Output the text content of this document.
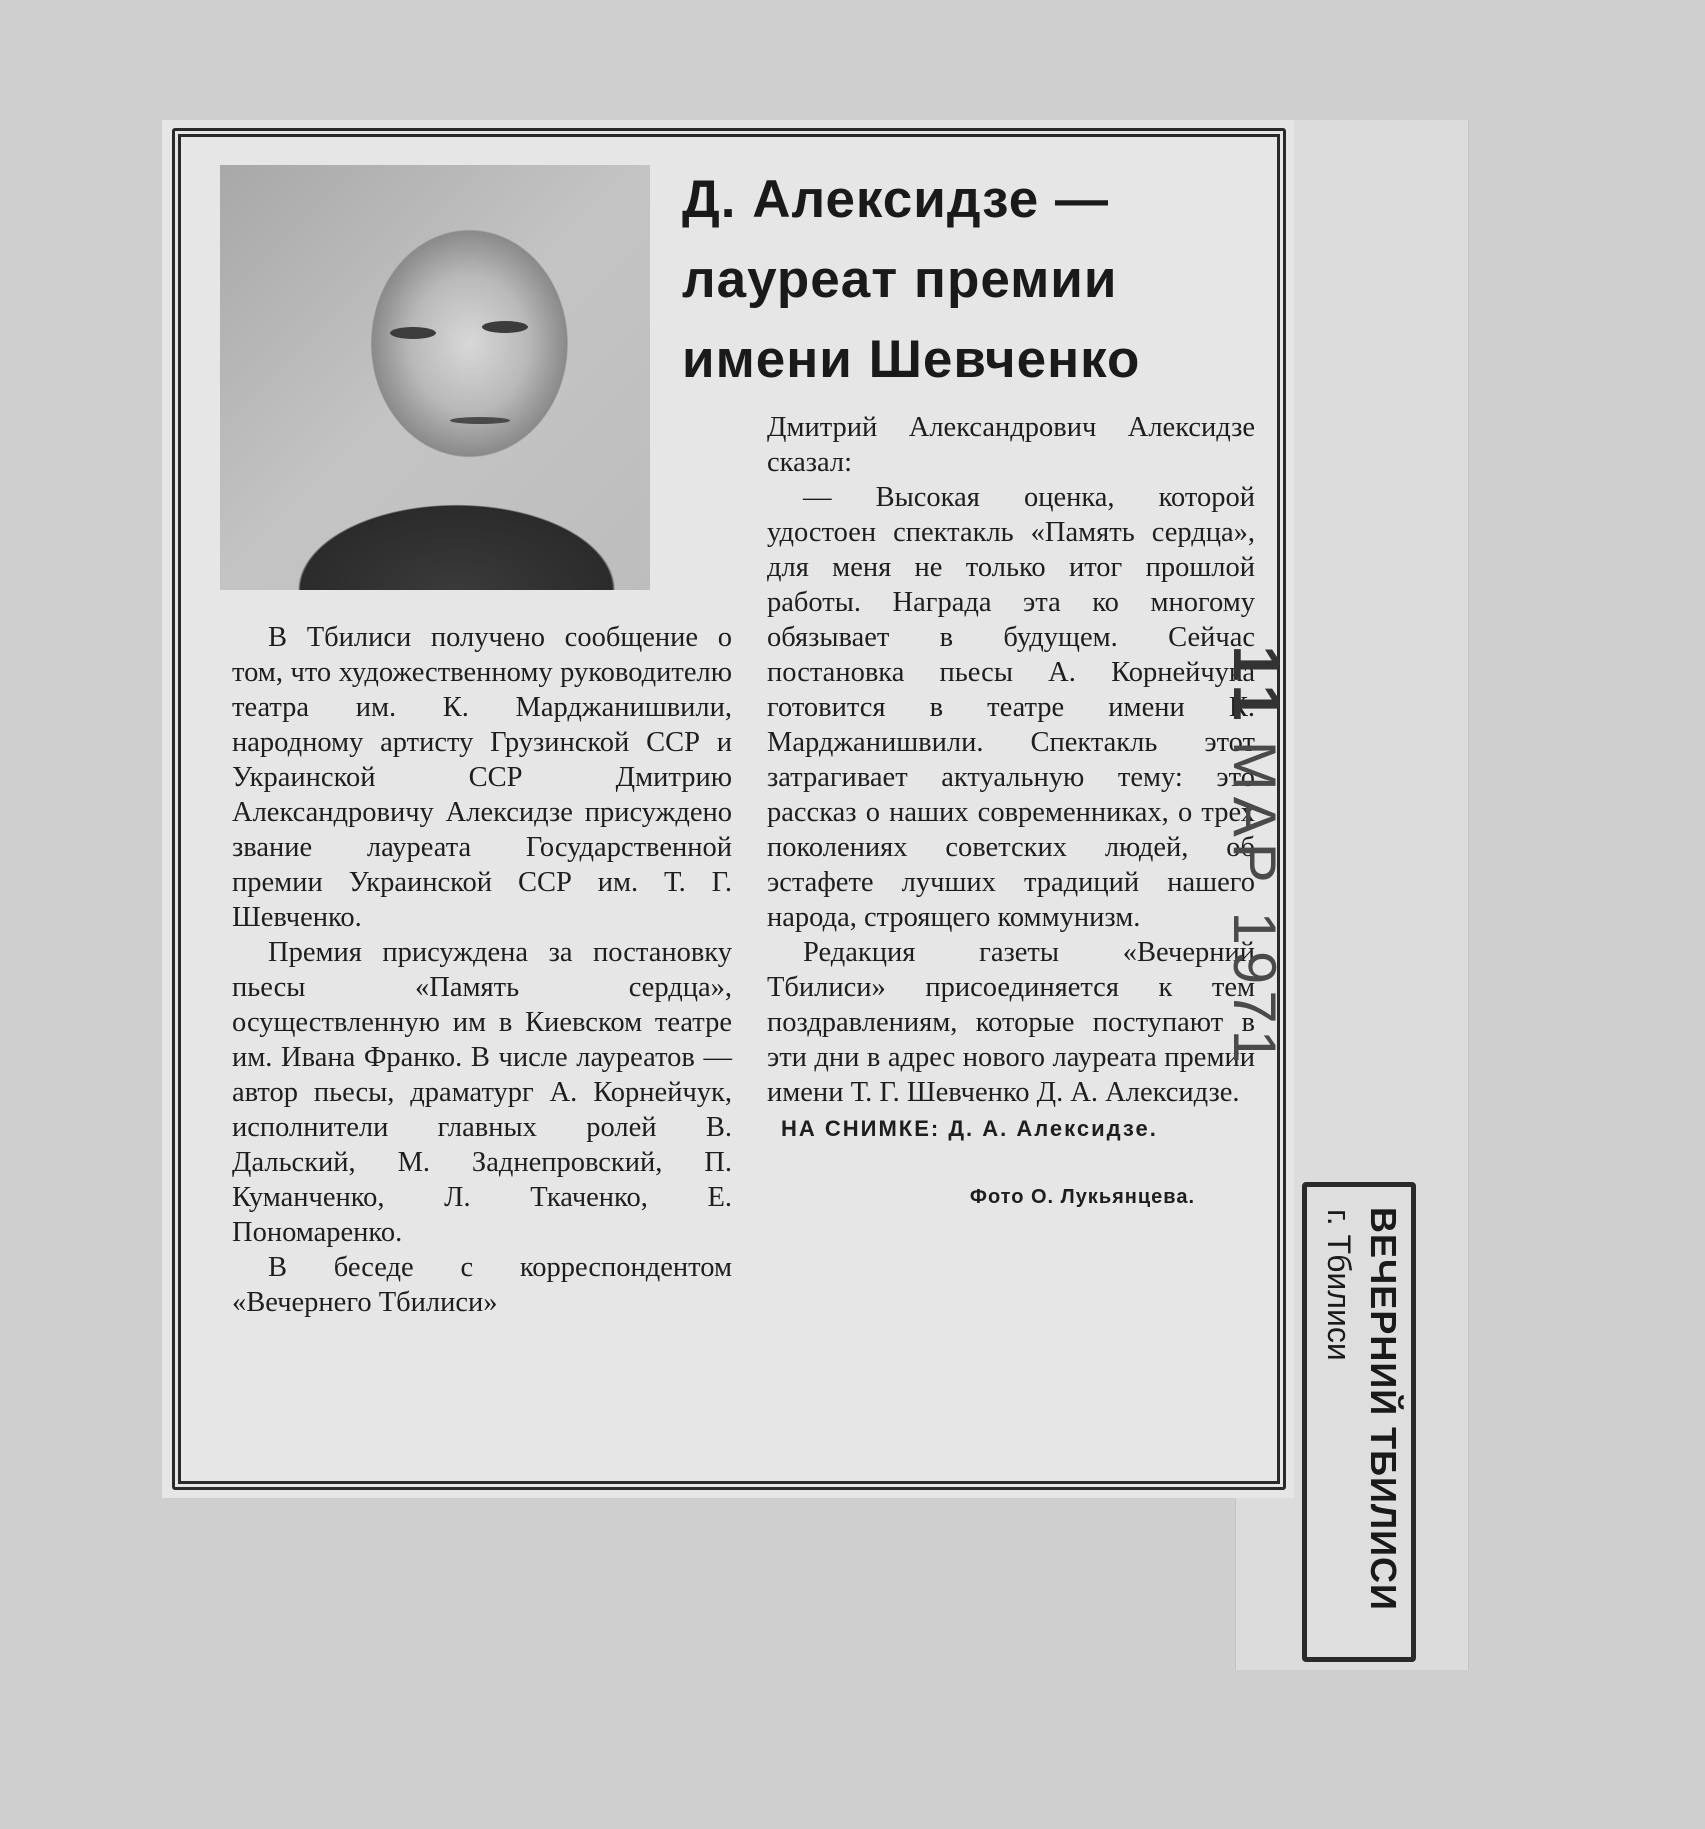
Д. Алексидзе —
лауреат премии
имени Шевченко

В Тбилиси получено сообщение о том, что художественному руководителю театра им. К. Марджанишвили, народному артисту Грузинской ССР и Украинской ССР Дмитрию Александровичу Алексидзе присуждено звание лауреата Государственной премии Украинской ССР им. Т. Г. Шевченко.

Премия присуждена за постановку пьесы «Память сердца», осуществленную им в Киевском театре им. Ивана Франко. В числе лауреатов — автор пьесы, драматург А. Корнейчук, исполнители главных ролей В. Дальский, М. Заднепровский, П. Куманченко, Л. Ткаченко, Е. Пономаренко.

В беседе с корреспондентом «Вечернего Тбилиси»

Дмитрий Александрович Алексидзе сказал:

— Высокая оценка, которой удостоен спектакль «Память сердца», для меня не только итог прошлой работы. Награда эта ко многому обязывает в будущем. Сейчас постановка пьесы А. Корнейчука готовится в театре имени К. Марджанишвили. Спектакль этот затрагивает актуальную тему: это рассказ о наших современниках, о трех поколениях советских людей, об эстафете лучших традиций нашего народа, строящего коммунизм.

Редакция газеты «Вечерний Тбилиси» присоединяется к тем поздравлениям, которые поступают в эти дни в адрес нового лауреата премии имени Т. Г. Шевченко Д. А. Алексидзе.

НА СНИМКЕ: Д. А. Алексидзе.

Фото О. Лукьянцева.

11МАР 1971
ВЕЧЕРНИЙ ТБИЛИСИ
г. Тбилиси
